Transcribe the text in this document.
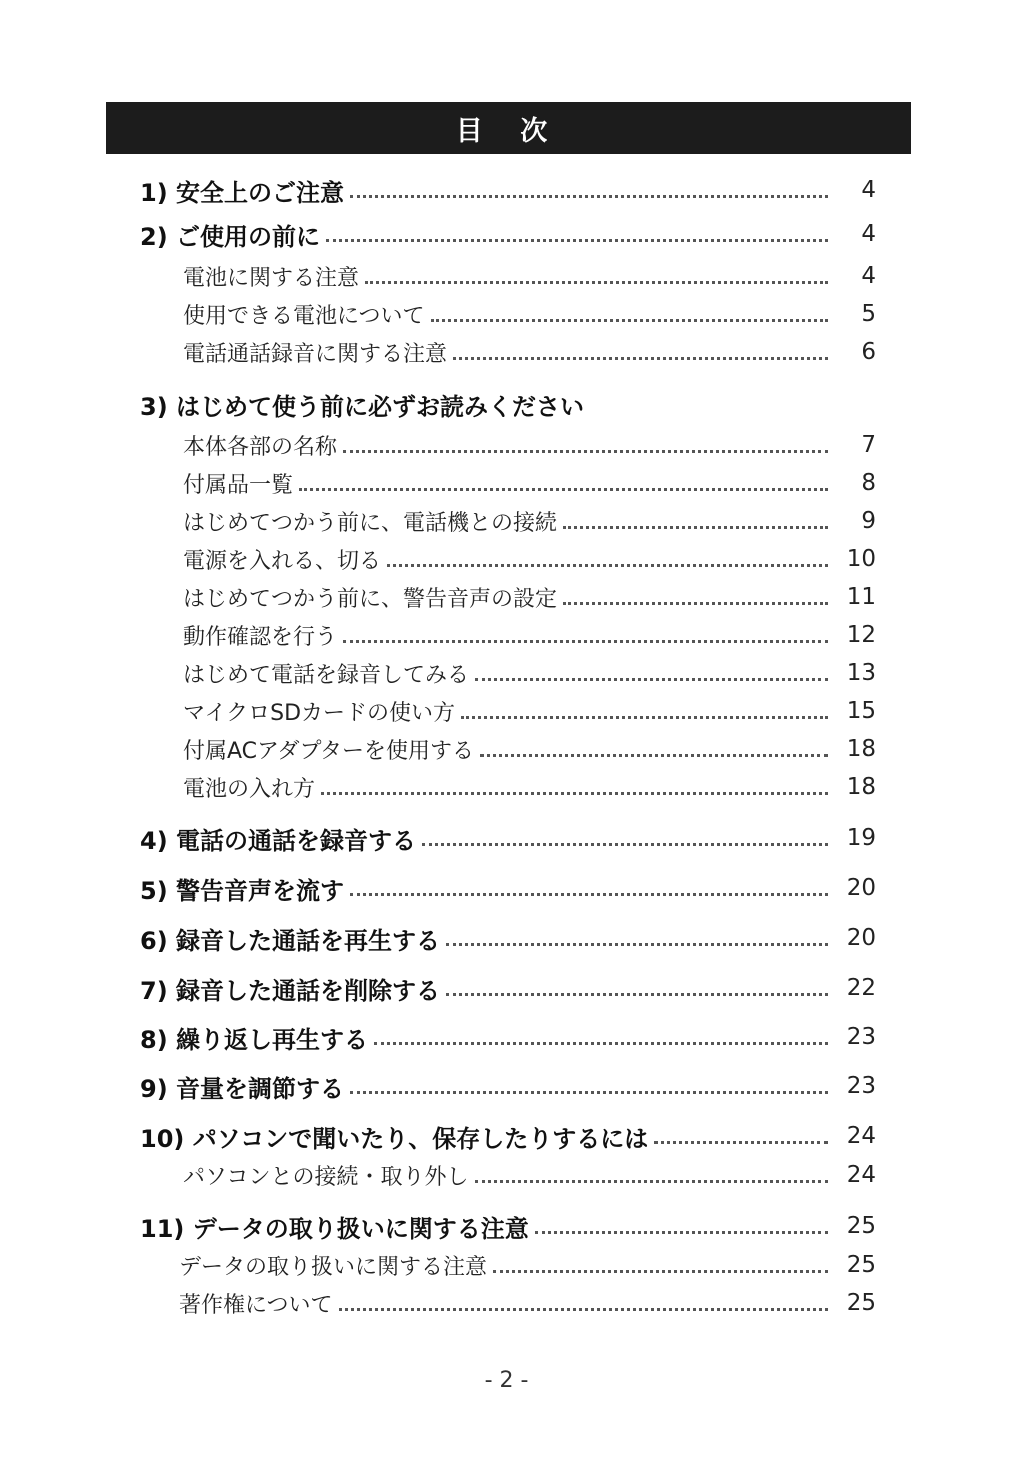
目 次
1) 安全上のご注意	4
2) ご使用の前に	4
電池に関する注意	4
使用できる電池について	5
電話通話録音に関する注意	6
3) はじめて使う前に必ずお読みください
本体各部の名称	7
付属品一覧	8
はじめてつかう前に、電話機との接続	9
電源を入れる、切る	10
はじめてつかう前に、警告音声の設定	11
動作確認を行う	12
はじめて電話を録音してみる	13
マイクロSDカードの使い方	15
付属ACアダプターを使用する	18
電池の入れ方	18
4) 電話の通話を録音する	19
5) 警告音声を流す	20
6) 録音した通話を再生する	20
7) 録音した通話を削除する	22
8) 繰り返し再生する	23
9) 音量を調節する	23
10) パソコンで聞いたり、保存したりするには	24
パソコンとの接続・取り外し	24
11) データの取り扱いに関する注意	25
データの取り扱いに関する注意	25
著作権について	25
- 2 -
